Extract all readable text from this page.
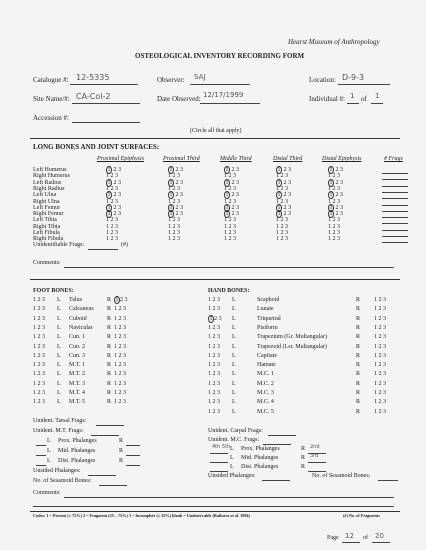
Hearst Museum of Anthropology
OSTEOLOGICAL INVENTORY RECORDING FORM
Catalogue #: 12-5335	Observer: SAJ	Location: D-9-3
Site Name/#: CA-Col-2	Date Observed: 12/17/1999	Individual #: 1 of 1
Accession #:
(Circle all that apply)
LONG BONES AND JOINT SURFACES:
Proximal Epiphysis	Proximal Third	Middle Third	Distal Third	Distal Epiphysis	# Frags
Left Humerus	1 2 3	1 2 3	1 2 3	1 2 3	1 2 3
Right Humerus	1 2 3	1 2 3	1 2 3	1 2 3	1 2 3
Left Radius	1 2 3	1 2 3	1 2 3	1 2 3	1 2 3
Right Radius	1 2 3	1 2 3	1 2 3	1 2 3	1 2 3
Left Ulna	1 2 3	1 2 3	1 2 3	1 2 3	1 2 3
Right Ulna	1 2 3	1 2 3	1 2 3	1 2 3	1 2 3
Left Femur	1 2 3	1 2 3	1 2 3	1 2 3	1 2 3
Right Femur	1 2 3	1 2 3	1 2 3	1 2 3	1 2 3
Left Tibia	1 2 3	1 2 3	1 2 3	1 2 3	1 2 3
Right Tibia	1 2 3	1 2 3	1 2 3	1 2 3	1 2 3
Left Fibula	1 2 3	1 2 3	1 2 3	1 2 3	1 2 3
Right Fibula	1 2 3	1 2 3	1 2 3	1 2 3	1 2 3
Unidentifiable Frags:	(#)
Comments:
FOOT BONES:	HAND BONES:
1 2 3 L Talus	R 1 2 3
1 2 3 L Calcaneus R 1 2 3
1 2 3 L Cuboid	R 1 2 3
1 2 3 L Navicular R 1 2 3
1 2 3 L Cun. 1	R 1 2 3
1 2 3 L Cun. 2	R 1 2 3
1 2 3 L Cun. 3	R 1 2 3
1 2 3 L M.T. 1	R 1 2 3
1 2 3 L M.T. 2	R 1 2 3
1 2 3 L M.T. 3	R 1 2 3
1 2 3 L M.T. 4	R 1 2 3
1 2 3 L M.T. 5	R 1 2 3
1 2 3 L	Scaphoid	R 1 2 3
1 2 3 L	Lunate	R 1 2 3
1 2 3 L	Triquetral	R 1 2 3
1 2 3 L	Pisiform	R 1 2 3
1 2 3 L	Trapezium (Gr. Multangular)	R 1 2 3
1 2 3 L	Trapezoid (Lsr. Multangular)	R 1 2 3
1 2 3 L	Capitate	R 1 2 3
1 2 3 L	Hamate	R 1 2 3
1 2 3 L	M.C. 1	R 1 2 3
1 2 3 L	M.C. 2	R 1 2 3
1 2 3 L	M.C. 3	R 1 2 3
1 2 3 L	M.C. 4	R 1 2 3
1 2 3 L	M.C. 5	R 1 2 3
Unident. Tarsal Frags:
Unident. M.T. Frags:
L Prox. Phalanges	R
L Mid. Phalanges	R
L Dist. Phalanges	R
Unsided Phalanges:
No. of Sesamoid Bones:
Unident. Carpal Frags:
Unident. M.C. Frags:
4th 5th L Prox. Phalanges	R 2nd
L Mid. Phalanges	R 3rd
L Dist. Phalanges	R
Unsided Phalanges:	No. of Sesamoid Bones:
Comments:
Codes: 1 = Present (≥ 75%) 2 = Fragment (25 – 75%) 3 = Incomplete (≤ 25%) blank = Unobservable (Buikstra et al. 1994)	(#) No. of Fragments
Page 12 of 20
